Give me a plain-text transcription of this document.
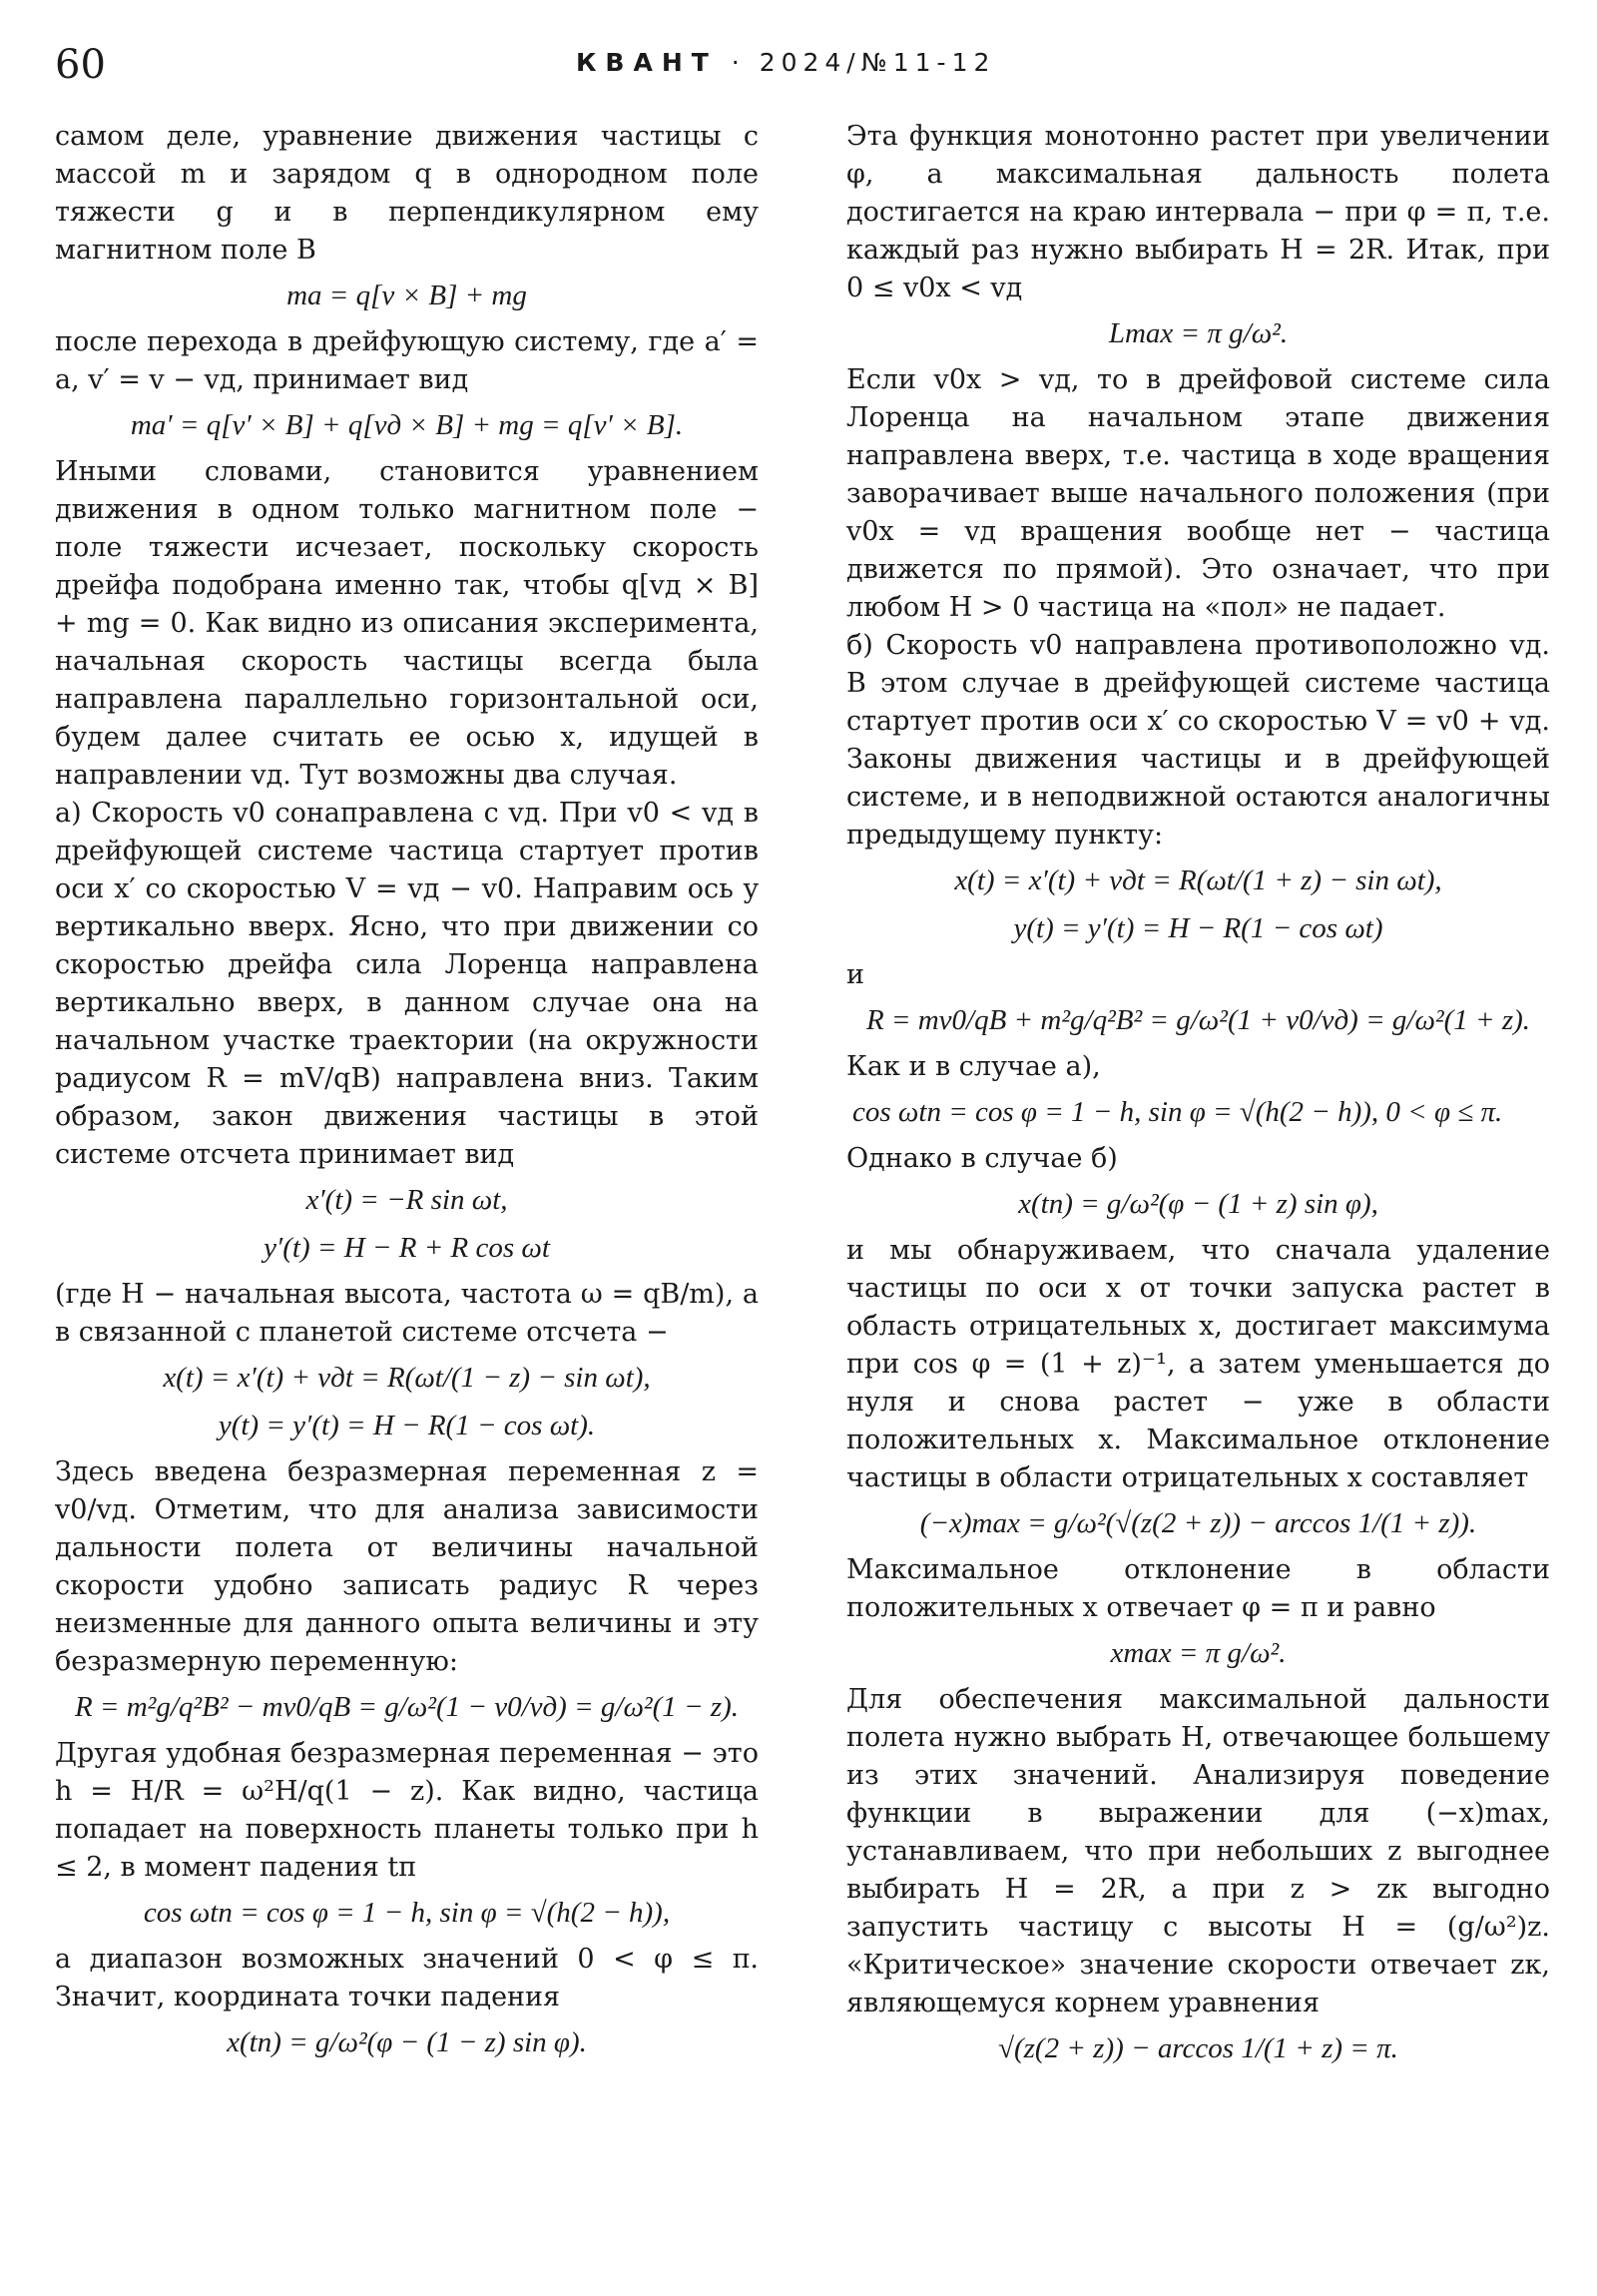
60	КВАНТ · 2024/№11-12

самом деле, уравнение движения частицы с массой m и зарядом q в однородном поле тяжести g и в перпендикулярном ему магнитном поле B

ma = q[v × B] + mg

после перехода в дрейфующую систему, где a′ = a, v′ = v − vд, принимает вид

ma′ = q[v′ × B] + q[vд × B] + mg = q[v′ × B].

Иными словами, становится уравнением движения в одном только магнитном поле − поле тяжести исчезает, поскольку скорость дрейфа подобрана именно так, чтобы q[vд × B] + mg = 0. Как видно из описания эксперимента, начальная скорость частицы всегда была направлена параллельно горизонтальной оси, будем далее считать ее осью x, идущей в направлении vд. Тут возможны два случая.

а) Скорость v0 сонаправлена с vд. При v0 < vд в дрейфующей системе частица стартует против оси x′ со скоростью V = vд − v0. Направим ось y вертикально вверх. Ясно, что при движении со скоростью дрейфа сила Лоренца направлена вертикально вверх, в данном случае она на начальном участке траектории (на окружности радиусом R = mV/qB) направлена вниз. Таким образом, закон движения частицы в этой системе отсчета принимает вид

x′(t) = −R sin ωt,
y′(t) = H − R + R cos ωt

(где H − начальная высота, частота ω = qB/m), а в связанной с планетой системе отсчета −

x(t) = x′(t) + vдt = R(ωt/(1 − z) − sin ωt),
y(t) = y′(t) = H − R(1 − cos ωt).

Здесь введена безразмерная переменная z = v0/vд. Отметим, что для анализа зависимости дальности полета от величины начальной скорости удобно записать радиус R через неизменные для данного опыта величины и эту безразмерную переменную:

R = m²g/q²B² − mv0/qB = g/ω²(1 − v0/vд) = g/ω²(1 − z).

Другая удобная безразмерная переменная − это h = H/R = ω²H/q(1 − z). Как видно, частица попадает на поверхность планеты только при h ≤ 2, в момент падения tп

cos ωtп = cos φ = 1 − h, sin φ = √(h(2 − h)),

а диапазон возможных значений 0 < φ ≤ π. Значит, координата точки падения

x(tп) = g/ω²(φ − (1 − z) sin φ).

Эта функция монотонно растет при увеличении φ, а максимальная дальность полета достигается на краю интервала − при φ = π, т.е. каждый раз нужно выбирать H = 2R. Итак, при 0 ≤ v0x < vд

Lmax = π g/ω².

Если v0x > vд, то в дрейфовой системе сила Лоренца на начальном этапе движения направлена вверх, т.е. частица в ходе вращения заворачивает выше начального положения (при v0x = vд вращения вообще нет − частица движется по прямой). Это означает, что при любом H > 0 частица на «пол» не падает.

б) Скорость v0 направлена противоположно vд. В этом случае в дрейфующей системе частица стартует против оси x′ со скоростью V = v0 + vд. Законы движения частицы и в дрейфующей системе, и в неподвижной остаются аналогичны предыдущему пункту:

x(t) = x′(t) + vдt = R(ωt/(1 + z) − sin ωt),
y(t) = y′(t) = H − R(1 − cos ωt)

и

R = mv0/qB + m²g/q²B² = g/ω²(1 + v0/vд) = g/ω²(1 + z).

Как и в случае а),

cos ωtп = cos φ = 1 − h, sin φ = √(h(2 − h)), 0 < φ ≤ π.

Однако в случае б)

x(tп) = g/ω²(φ − (1 + z) sin φ),

и мы обнаруживаем, что сначала удаление частицы по оси x от точки запуска растет в область отрицательных x, достигает максимума при cos φ = (1 + z)⁻¹, а затем уменьшается до нуля и снова растет − уже в области положительных x. Максимальное отклонение частицы в области отрицательных x составляет

(−x)max = g/ω²(√(z(2 + z)) − arccos 1/(1 + z)).

Максимальное отклонение в области положительных x отвечает φ = π и равно

xmax = π g/ω².

Для обеспечения максимальной дальности полета нужно выбрать H, отвечающее большему из этих значений. Анализируя поведение функции в выражении для (−x)max, устанавливаем, что при небольших z выгоднее выбирать H = 2R, а при z > zк выгодно запустить частицу с высоты H = (g/ω²)z. «Критическое» значение скорости отвечает zк, являющемуся корнем уравнения

√(z(2 + z)) − arccos 1/(1 + z) = π.
